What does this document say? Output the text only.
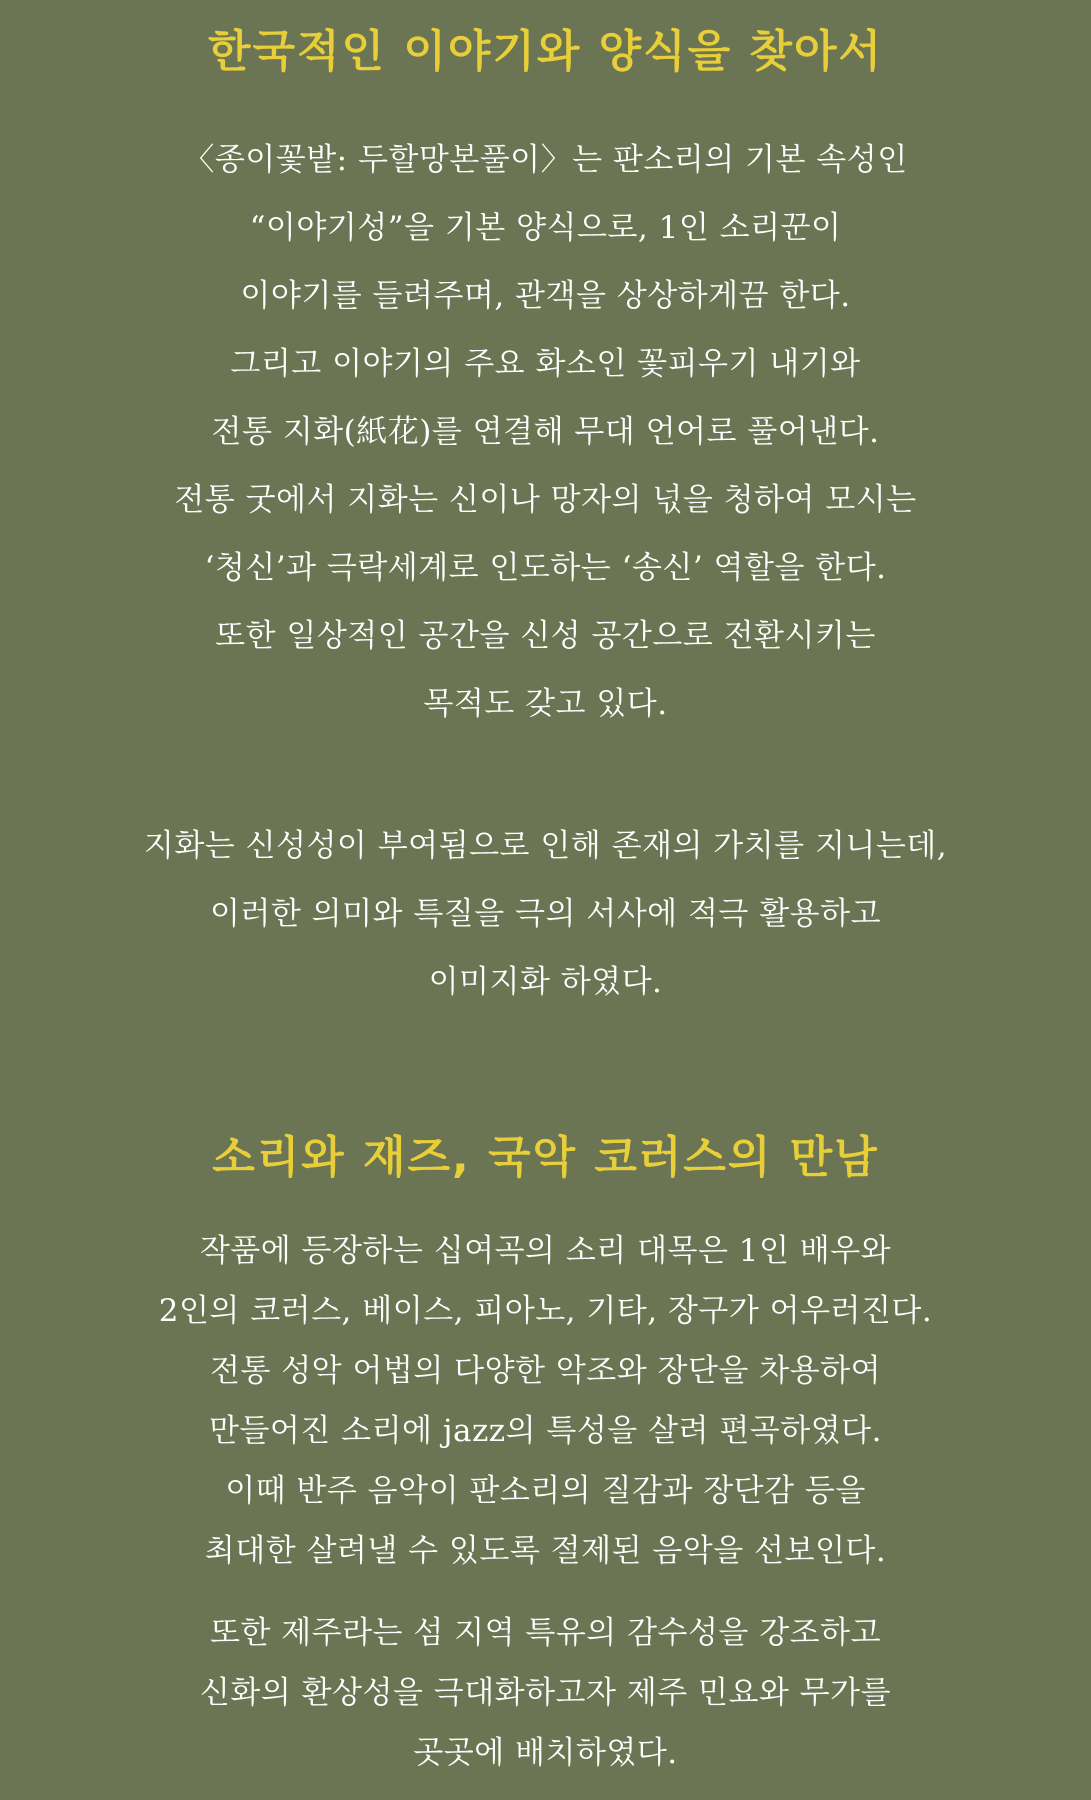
한국적인 이야기와 양식을 찾아서
〈종이꽃밭: 두할망본풀이〉는 판소리의 기본 속성인
“이야기성”을 기본 양식으로, 1인 소리꾼이
이야기를 들려주며, 관객을 상상하게끔 한다.
그리고 이야기의 주요 화소인 꽃피우기 내기와
전통 지화(紙花)를 연결해 무대 언어로 풀어낸다.
전통 굿에서 지화는 신이나 망자의 넋을 청하여 모시는
‘청신’과 극락세계로 인도하는 ‘송신’ 역할을 한다.
또한 일상적인 공간을 신성 공간으로 전환시키는
목적도 갖고 있다.
지화는 신성성이 부여됨으로 인해 존재의 가치를 지니는데,
이러한 의미와 특질을 극의 서사에 적극 활용하고
이미지화 하였다.
소리와 재즈, 국악 코러스의 만남
작품에 등장하는 십여곡의 소리 대목은 1인 배우와
2인의 코러스, 베이스, 피아노, 기타, 장구가 어우러진다.
전통 성악 어법의 다양한 악조와 장단을 차용하여
만들어진 소리에 jazz의 특성을 살려 편곡하였다.
이때 반주 음악이 판소리의 질감과 장단감 등을
최대한 살려낼 수 있도록 절제된 음악을 선보인다.
또한 제주라는 섬 지역 특유의 감수성을 강조하고
신화의 환상성을 극대화하고자 제주 민요와 무가를
곳곳에 배치하였다.
